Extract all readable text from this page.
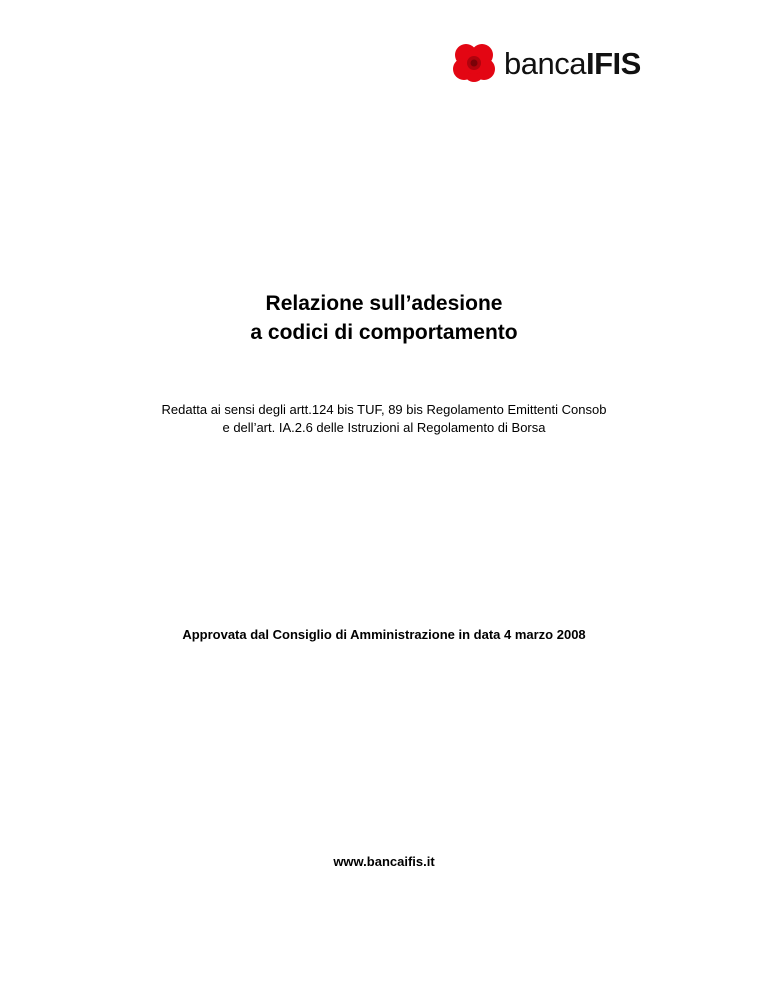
bancaIFIS
Relazione sull’adesione
a codici di comportamento
Redatta ai sensi degli artt.124 bis TUF, 89 bis Regolamento Emittenti Consob
e dell’art. IA.2.6 delle Istruzioni al Regolamento di Borsa
Approvata dal Consiglio di Amministrazione in data 4 marzo 2008
www.bancaifis.it
